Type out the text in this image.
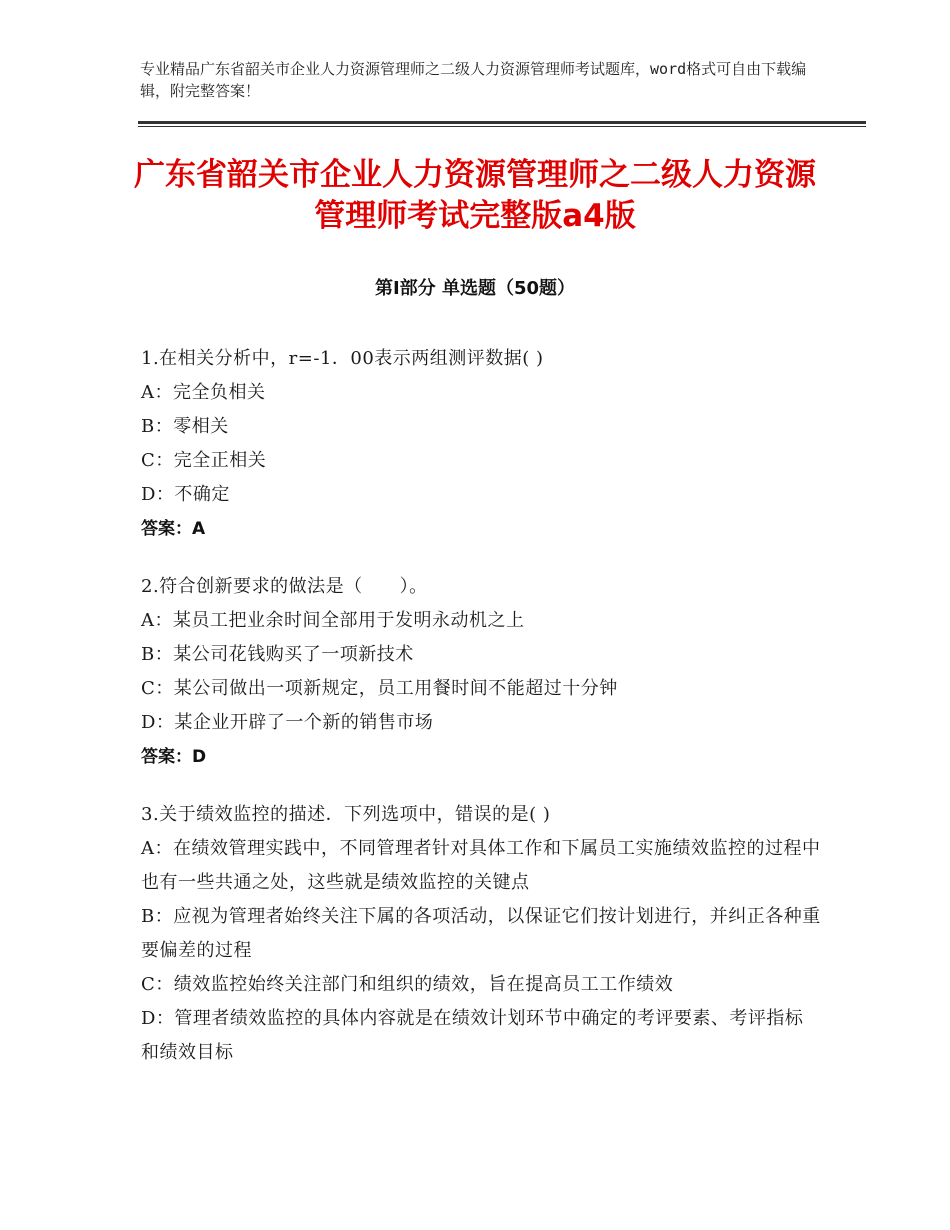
专业精品广东省韶关市企业人力资源管理师之二级人力资源管理师考试题库，word格式可自由下载编辑，附完整答案！
广东省韶关市企业人力资源管理师之二级人力资源管理师考试完整版a4版
第Ⅰ部分 单选题（50题）
1.在相关分析中，r=-1．00表示两组测评数据( )
A：完全负相关
B：零相关
C：完全正相关
D：不确定
答案：A
2.符合创新要求的做法是（　　）。
A：某员工把业余时间全部用于发明永动机之上
B：某公司花钱购买了一项新技术
C：某公司做出一项新规定，员工用餐时间不能超过十分钟
D：某企业开辟了一个新的销售市场
答案：D
3.关于绩效监控的描述．下列选项中，错误的是( )
A：在绩效管理实践中，不同管理者针对具体工作和下属员工实施绩效监控的过程中也有一些共通之处，这些就是绩效监控的关键点
B：应视为管理者始终关注下属的各项活动，以保证它们按计划进行，并纠正各种重要偏差的过程
C：绩效监控始终关注部门和组织的绩效，旨在提高员工工作绩效
D：管理者绩效监控的具体内容就是在绩效计划环节中确定的考评要素、考评指标和绩效目标
